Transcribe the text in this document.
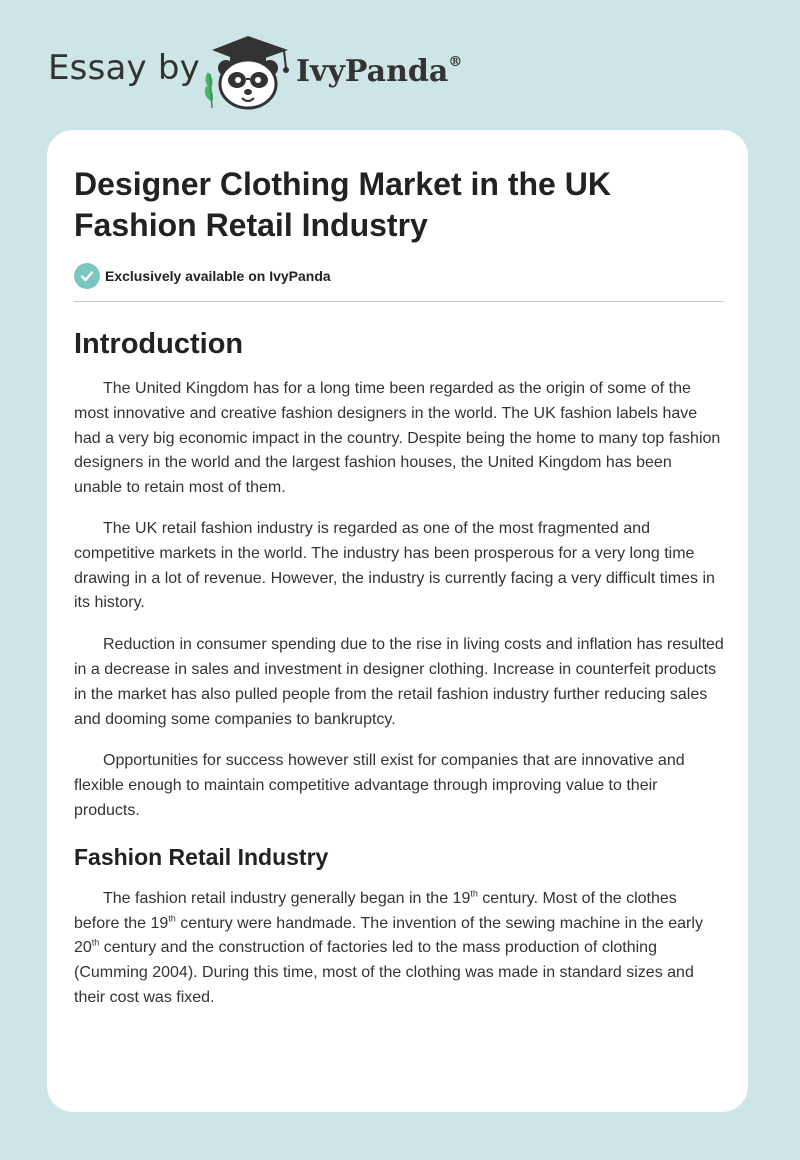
Essay by	IvyPanda®
Designer Clothing Market in the UK Fashion Retail Industry
Exclusively available on IvyPanda
Introduction

The United Kingdom has for a long time been regarded as the origin of some of the most innovative and creative fashion designers in the world. The UK fashion labels have had a very big economic impact in the country. Despite being the home to many top fashion designers in the world and the largest fashion houses, the United Kingdom has been unable to retain most of them.

The UK retail fashion industry is regarded as one of the most fragmented and competitive markets in the world. The industry has been prosperous for a very long time drawing in a lot of revenue. However, the industry is currently facing a very difficult times in its history.

Reduction in consumer spending due to the rise in living costs and inflation has resulted in a decrease in sales and investment in designer clothing. Increase in counterfeit products in the market has also pulled people from the retail fashion industry further reducing sales and dooming some companies to bankruptcy.

Opportunities for success however still exist for companies that are innovative and flexible enough to maintain competitive advantage through improving value to their products.

Fashion Retail Industry

The fashion retail industry generally began in the 19th century. Most of the clothes before the 19th century were handmade. The invention of the sewing machine in the early 20th century and the construction of factories led to the mass production of clothing (Cumming 2004). During this time, most of the clothing was made in standard sizes and their cost was fixed.
